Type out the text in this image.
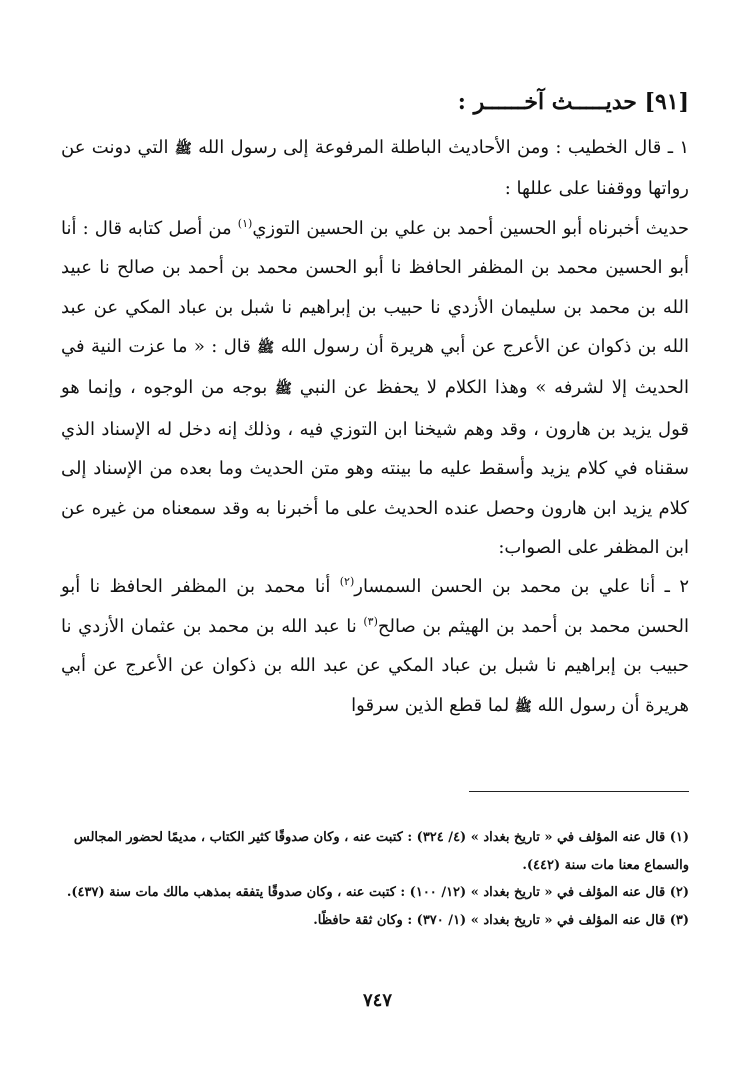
[٩١] حديـــــث آخــــــر :

١ ـ قال الخطيب : ومن الأحاديث الباطلة المرفوعة إلى رسول الله ﷺ التي دونت عن رواتها ووقفنا على عللها :

حديث أخبرناه أبو الحسين أحمد بن علي بن الحسين التوزي$^{(١)}$ من أصل كتابه قال : أنا أبو الحسين محمد بن المظفر الحافظ نا أبو الحسن محمد بن أحمد بن صالح نا عبيد الله بن محمد بن سليمان الأزدي نا حبيب بن إبراهيم نا شبل بن عباد المكي عن عبد الله بن ذكوان عن الأعرج عن أبي هريرة أن رسول الله ﷺ قال : « ما عزت النية في الحديث إلا لشرفه » وهذا الكلام لا يحفظ عن النبي ﷺ بوجه من الوجوه ، وإنما هو قول يزيد بن هارون ، وقد وهم شيخنا ابن التوزي فيه ، وذلك إنه دخل له الإسناد الذي سقناه في كلام يزيد وأسقط عليه ما بينته وهو متن الحديث وما بعده من الإسناد إلى كلام يزيد ابن هارون وحصل عنده الحديث على ما أخبرنا به وقد سمعناه من غيره عن ابن المظفر على الصواب:

٢ ـ أنا علي بن محمد بن الحسن السمسار$^{(٢)}$ أنا محمد بن المظفر الحافظ نا أبو الحسن محمد بن أحمد بن الهيثم بن صالح$^{(٣)}$ نا عبد الله بن محمد بن عثمان الأزدي نا حبيب بن إبراهيم نا شبل بن عباد المكي عن عبد الله بن ذكوان عن الأعرج عن أبي هريرة أن رسول الله ﷺ لما قطع الذين سرقوا

(١) قال عنه المؤلف في « تاريخ بغداد » (٤/ ٣٢٤) : كتبت عنه ، وكان صدوقًا كثير الكتاب ، مديمًا لحضور المجالس والسماع معنا مات سنة (٤٤٢).

(٢) قال عنه المؤلف في « تاريخ بغداد » (١٢/ ١٠٠) : كتبت عنه ، وكان صدوقًا يتفقه بمذهب مالك مات سنة (٤٣٧).

(٣) قال عنه المؤلف في « تاريخ بغداد » (١/ ٣٧٠) : وكان ثقة حافظًا.

٧٤٧
